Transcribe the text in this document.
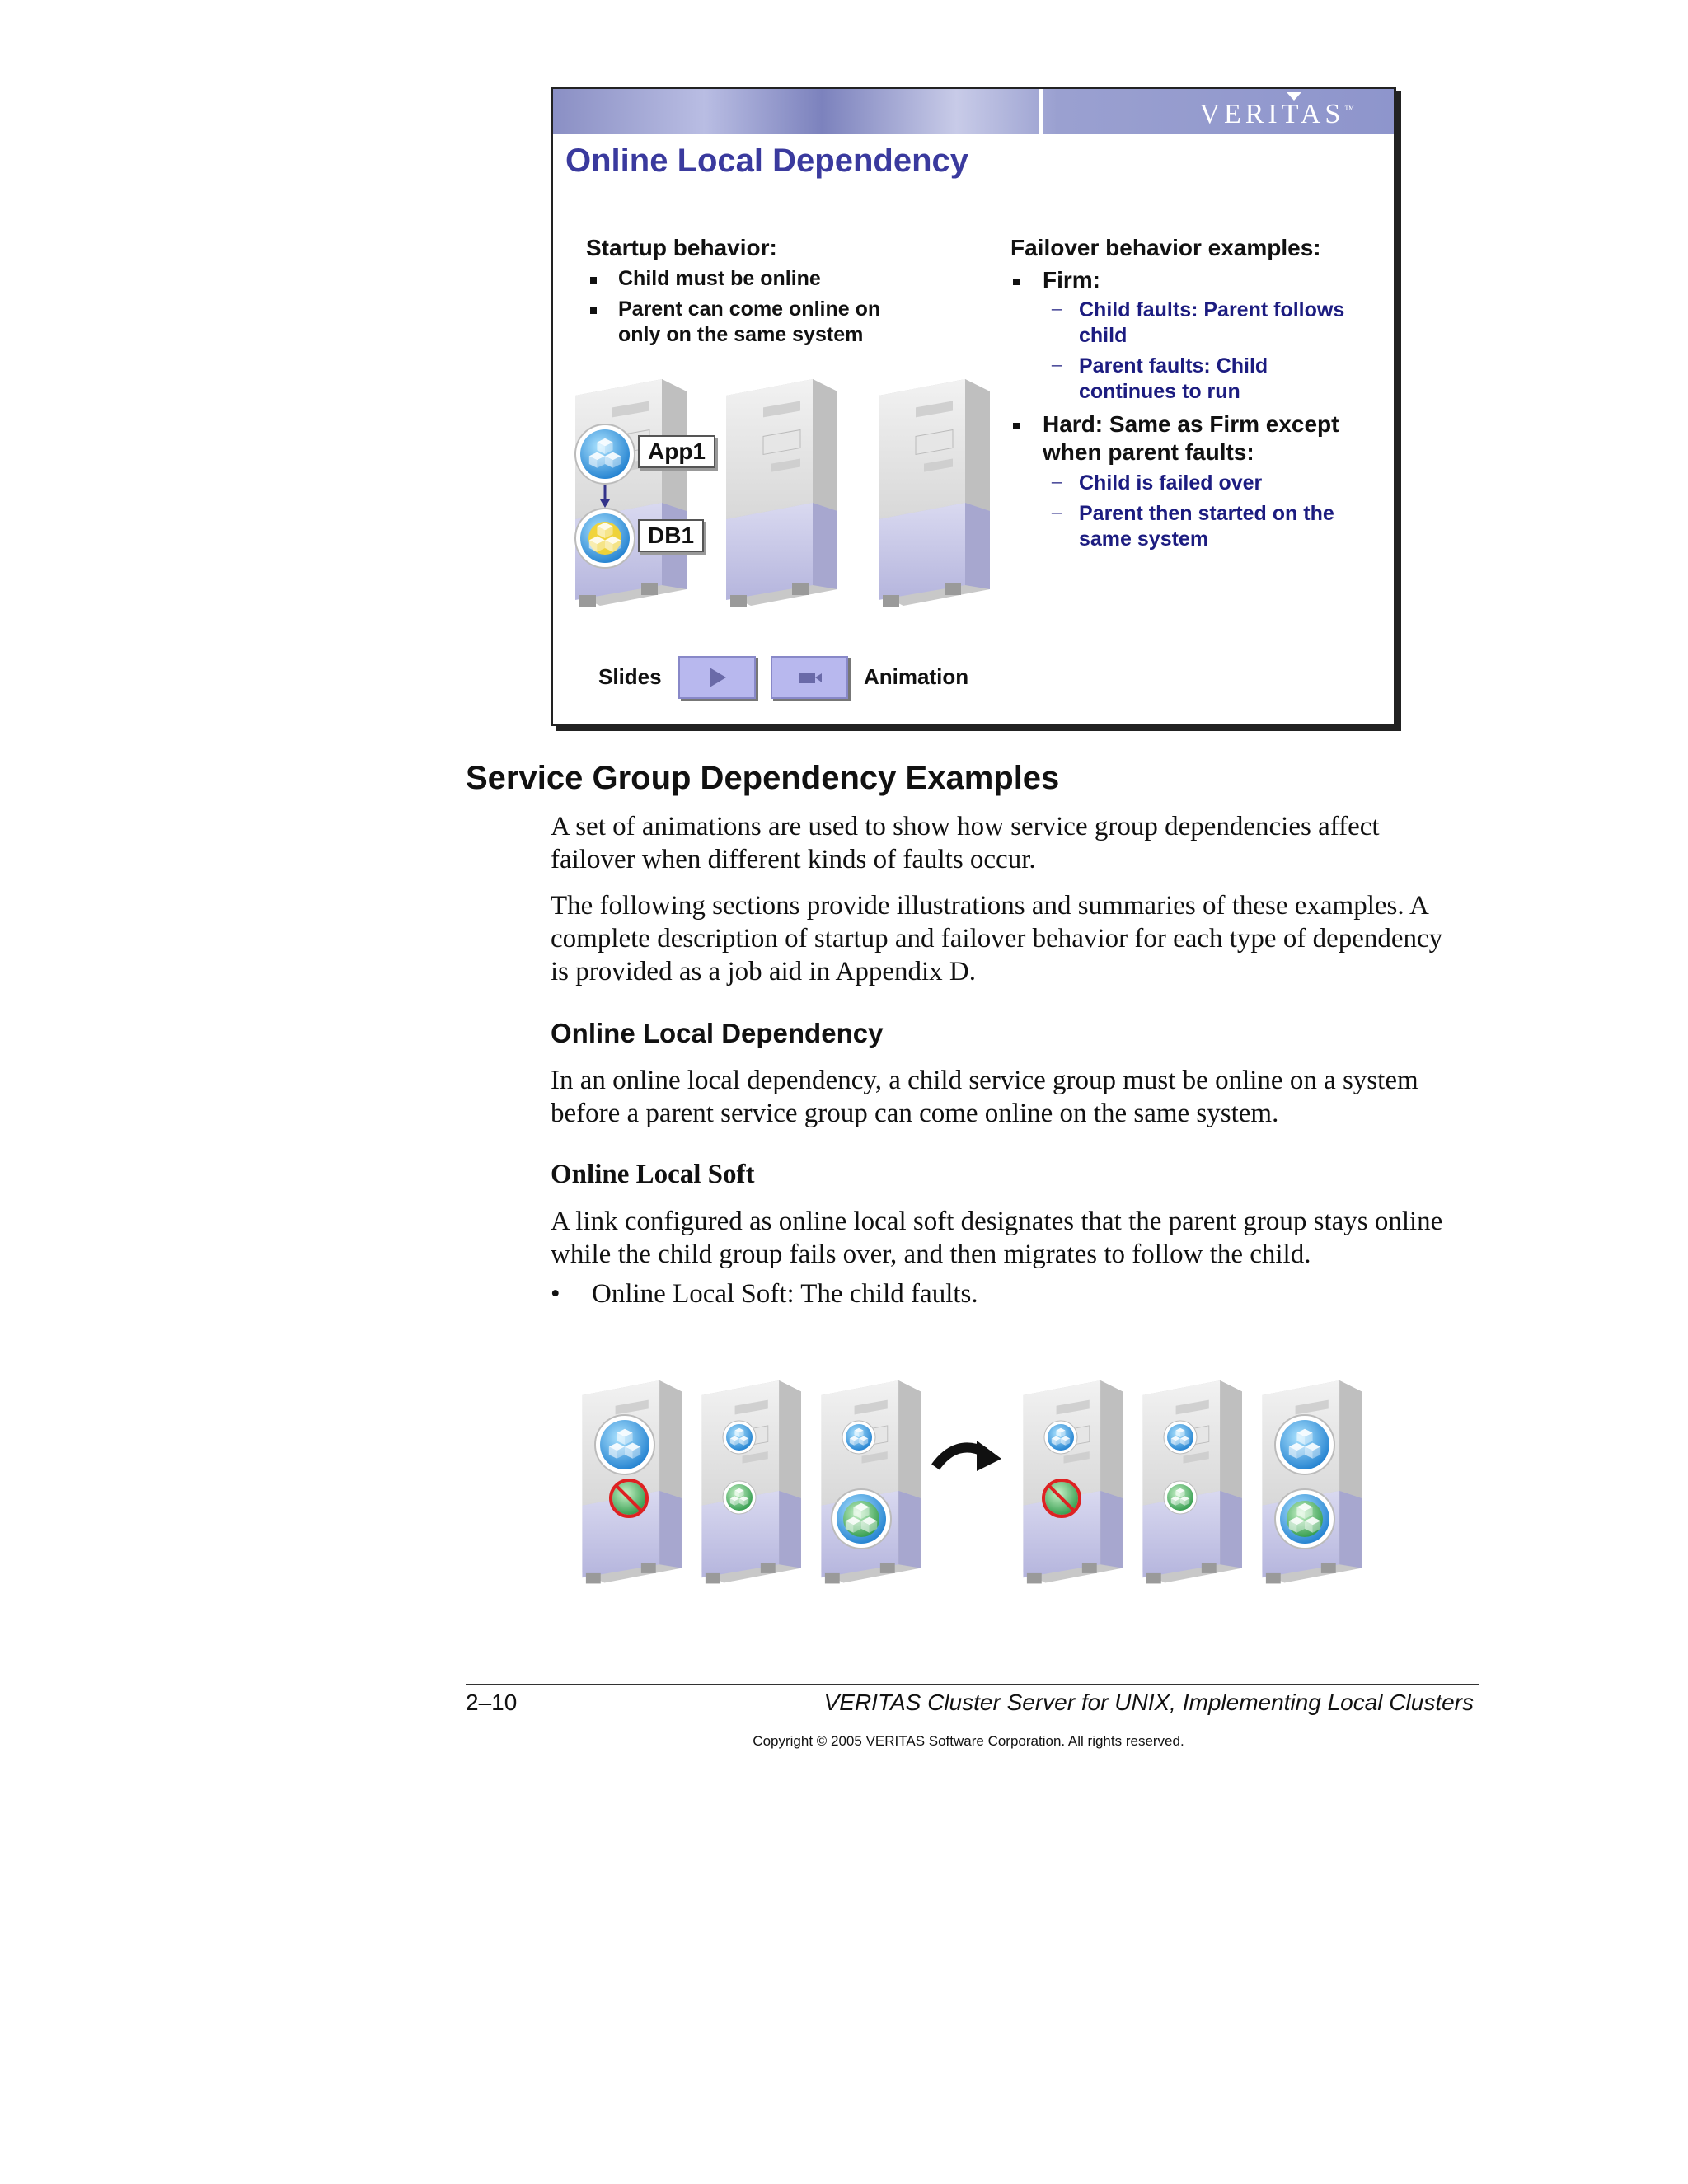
VERITAS™
Online Local Dependency
Startup behavior:
Child must be online
Parent can come online on
only on the same system
Failover behavior examples:
Firm:
– Child faults: Parent follows
child
– Parent faults: Child
continues to run
Hard: Same as Firm except
when parent faults:
– Child is failed over
– Parent then started on the
same system
App1
DB1
Slides	Animation
Service Group Dependency Examples
A set of animations are used to show how service group dependencies affect
failover when different kinds of faults occur.
The following sections provide illustrations and summaries of these examples. A
complete description of startup and failover behavior for each type of dependency
is provided as a job aid in Appendix D.
Online Local Dependency
In an online local dependency, a child service group must be online on a system
before a parent service group can come online on the same system.
Online Local Soft
A link configured as online local soft designates that the parent group stays online
while the child group fails over, and then migrates to follow the child.
• Online Local Soft: The child faults.
2–10	VERITAS Cluster Server for UNIX, Implementing Local Clusters
Copyright © 2005 VERITAS Software Corporation. All rights reserved.
